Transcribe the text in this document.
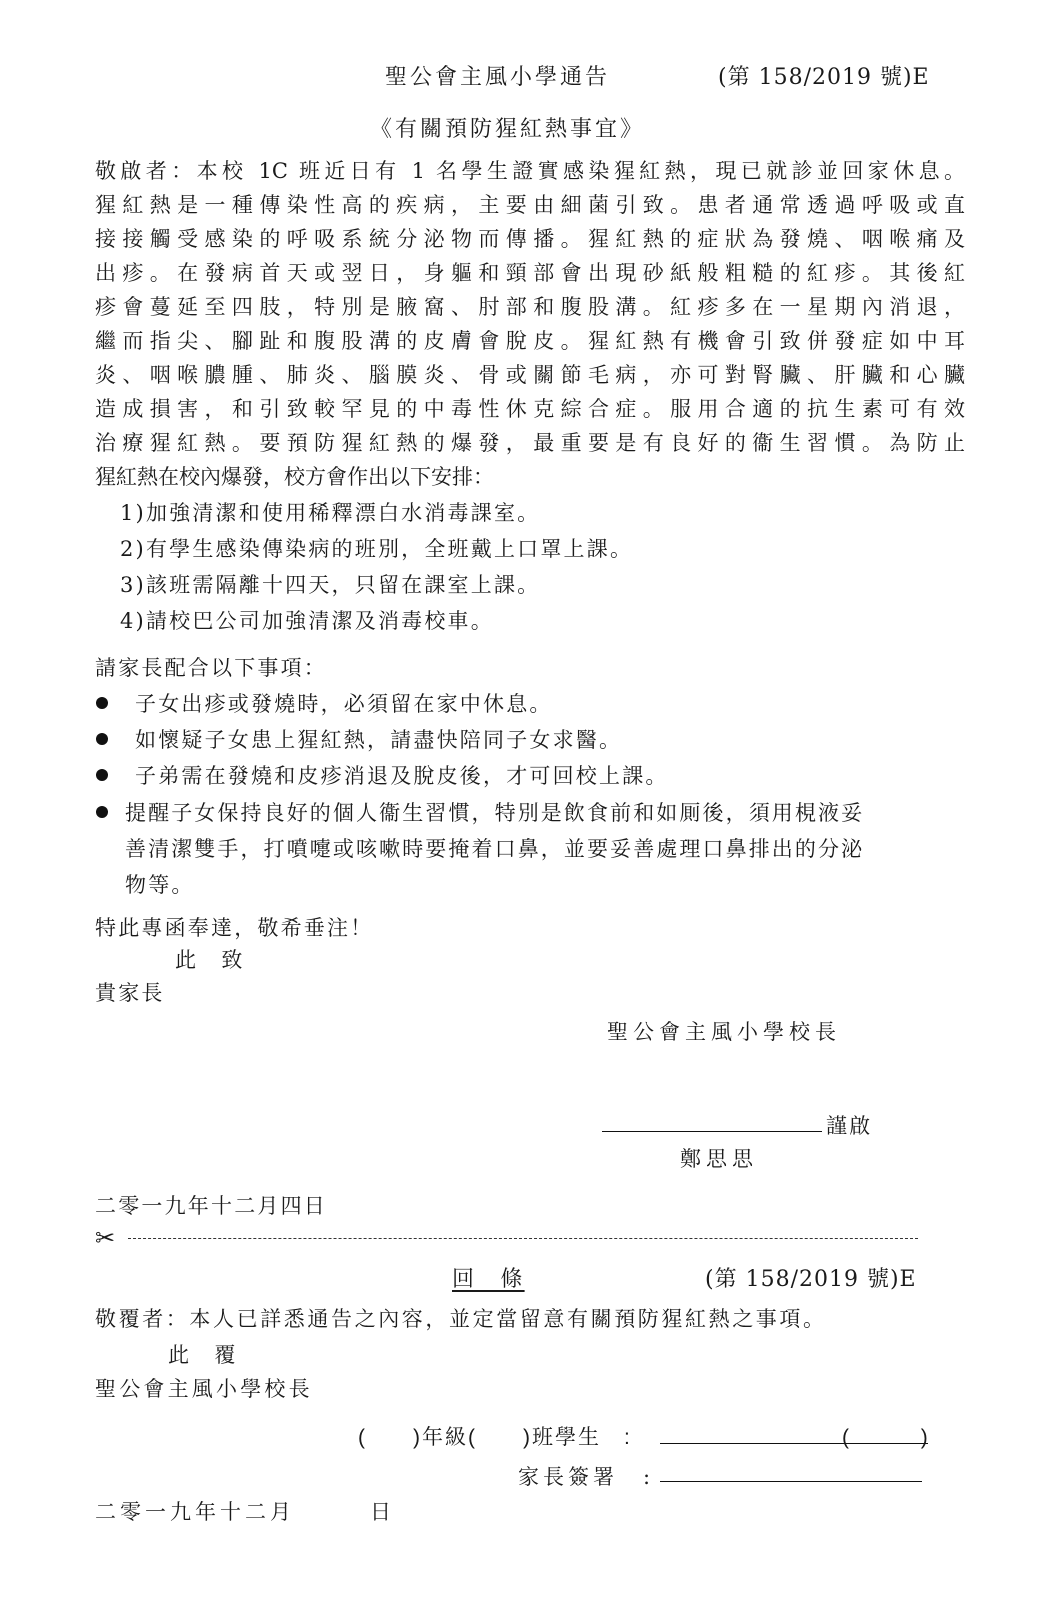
聖公會主風小學通告	(第 158/2019 號)E
《有關預防猩紅熱事宜》
敬啟者：本校 1C 班近日有 1 名學生證實感染猩紅熱，現已就診並回家休息。
猩紅熱是一種傳染性高的疾病，主要由細菌引致。患者通常透過呼吸或直
接接觸受感染的呼吸系統分泌物而傳播。猩紅熱的症狀為發燒、咽喉痛及
出疹。在發病首天或翌日，身軀和頸部會出現砂紙般粗糙的紅疹。其後紅
疹會蔓延至四肢，特別是腋窩、肘部和腹股溝。紅疹多在一星期內消退，
繼而指尖、腳趾和腹股溝的皮膚會脫皮。猩紅熱有機會引致併發症如中耳
炎、咽喉膿腫、肺炎、腦膜炎、骨或關節毛病，亦可對腎臟、肝臟和心臟
造成損害，和引致較罕見的中毒性休克綜合症。服用合適的抗生素可有效
治療猩紅熱。要預防猩紅熱的爆發，最重要是有良好的衞生習慣。為防止
猩紅熱在校內爆發，校方會作出以下安排：
1)加強清潔和使用稀釋漂白水消毒課室。
2)有學生感染傳染病的班別，全班戴上口罩上課。
3)該班需隔離十四天，只留在課室上課。
4)請校巴公司加強清潔及消毒校車。
請家長配合以下事項：
子女出疹或發燒時，必須留在家中休息。
如懷疑子女患上猩紅熱，請盡快陪同子女求醫。
子弟需在發燒和皮疹消退及脫皮後，才可回校上課。
提醒子女保持良好的個人衞生習慣，特別是飲食前和如厠後，須用梘液妥
善清潔雙手，打噴嚏或咳嗽時要掩着口鼻，並要妥善處理口鼻排出的分泌
物等。
特此專函奉達，敬希垂注！
此　致
貴家長
聖公會主風小學校長
謹啟
鄭思思
二零一九年十二月四日
✂
回　條	(第 158/2019 號)E
敬覆者：本人已詳悉通告之內容，並定當留意有關預防猩紅熱之事項。
此　覆
聖公會主風小學校長
(　　)年級(　　)班學生　:	(　　　)
家長簽署　:
二零一九年十二月　　　日
